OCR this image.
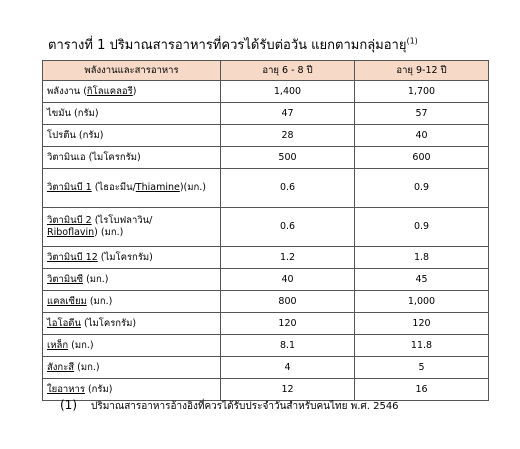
ตารางที่ 1 ปริมาณสารอาหารที่ควรได้รับต่อวัน แยกตามกลุ่มอายุ$^{(1)}$
พลังงานและสารอาหาร	อายุ 6 - 8 ปี	อายุ 9-12 ปี
พลังงาน (กิโลแคลอรี)	1,400	1,700
ไขมัน (กรัม)	47	57
โปรตีน (กรัม)	28	40
วิตามินเอ (ไมโครกรัม)	500	600
วิตามินบี 1 (ไธอะมีน/Thiamine)(มก.)	0.6	0.9
วิตามินบี 2 (ไรโบฟลาวิน/
Riboflavin) (มก.)	0.6	0.9
วิตามินบี 12 (ไมโครกรัม)	1.2	1.8
วิตามินซี (มก.)	40	45
แคลเซียม (มก.)	800	1,000
ไอโอดีน (ไมโครกรัม)	120	120
เหล็ก (มก.)	8.1	11.8
สังกะสี (มก.)	4	5
ใยอาหาร (กรัม)	12	16
(1) ปริมาณสารอาหารอ้างอิงที่ควรได้รับประจำวันสำหรับคนไทย พ.ศ. 2546
